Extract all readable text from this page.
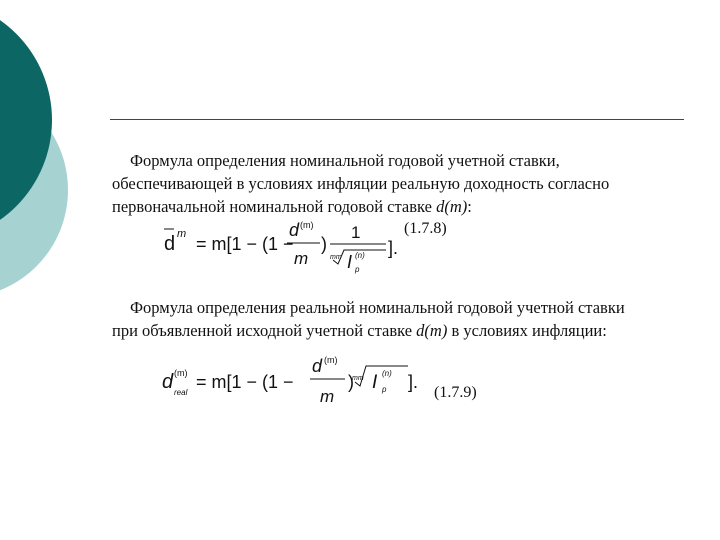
Формула определения номинальной годовой учетной ставки,

обеспечивающей в условиях инфляции реальную доходность согласно

первоначальной номинальной годовой ставке d(m):

d m = m[1 − (1 −
d (m)
m
)
1
mm I (n)
p
].
(1.7.8)

Формула определения реальной номинальной годовой учетной ставки

при объявленной исходной учетной ставке d(m) в условиях инфляции:

d (m)
real
= m[1 − (1 −
d (m)
m
)
mm I (n)
p ].
(1.7.9)
